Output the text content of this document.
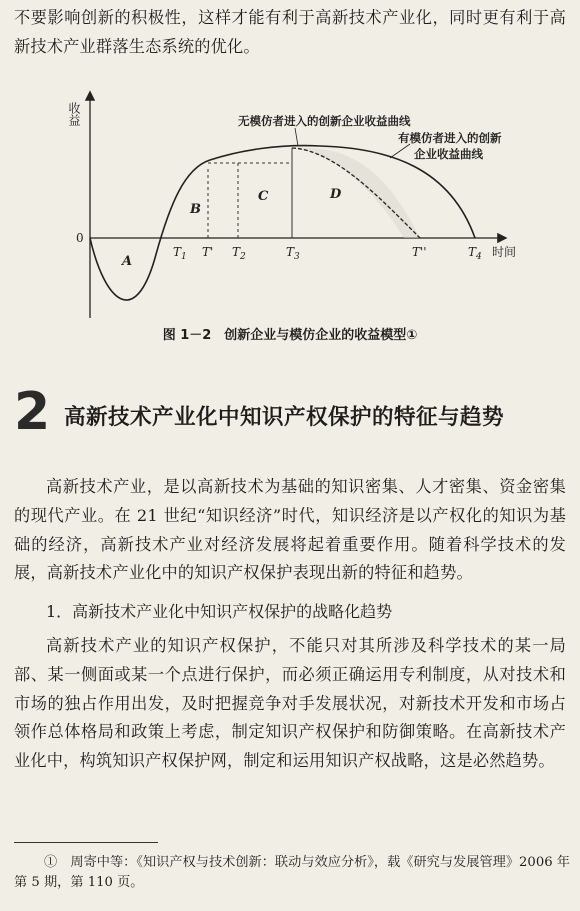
不要影响创新的积极性，这样才能有利于高新技术产业化，同时更有利于高新技术产业群落生态系统的优化。
收益
时间
0
无模仿者进入的创新企业收益曲线
有模仿者进入的创新
企业收益曲线
A
B
C	D
$T_1$ T' $T_2$	$T_3$	T''	$T_4$
图 1－2　创新企业与模仿企业的收益模型①
2 高新技术产业化中知识产权保护的特征与趋势
高新技术产业，是以高新技术为基础的知识密集、人才密集、资金密集的现代产业。在 21 世纪“知识经济”时代，知识经济是以产权化的知识为基础的经济，高新技术产业对经济发展将起着重要作用。随着科学技术的发展，高新技术产业化中的知识产权保护表现出新的特征和趋势。
1．高新技术产业化中知识产权保护的战略化趋势
高新技术产业的知识产权保护，不能只对其所涉及科学技术的某一局部、某一侧面或某一个点进行保护，而必须正确运用专利制度，从对技术和市场的独占作用出发，及时把握竞争对手发展状况，对新技术开发和市场占领作总体格局和政策上考虑，制定知识产权保护和防御策略。在高新技术产业化中，构筑知识产权保护网，制定和运用知识产权战略，这是必然趋势。
①　周寄中等：《知识产权与技术创新：联动与效应分析》，载《研究与发展管理》2006 年第 5 期，第 110 页。
